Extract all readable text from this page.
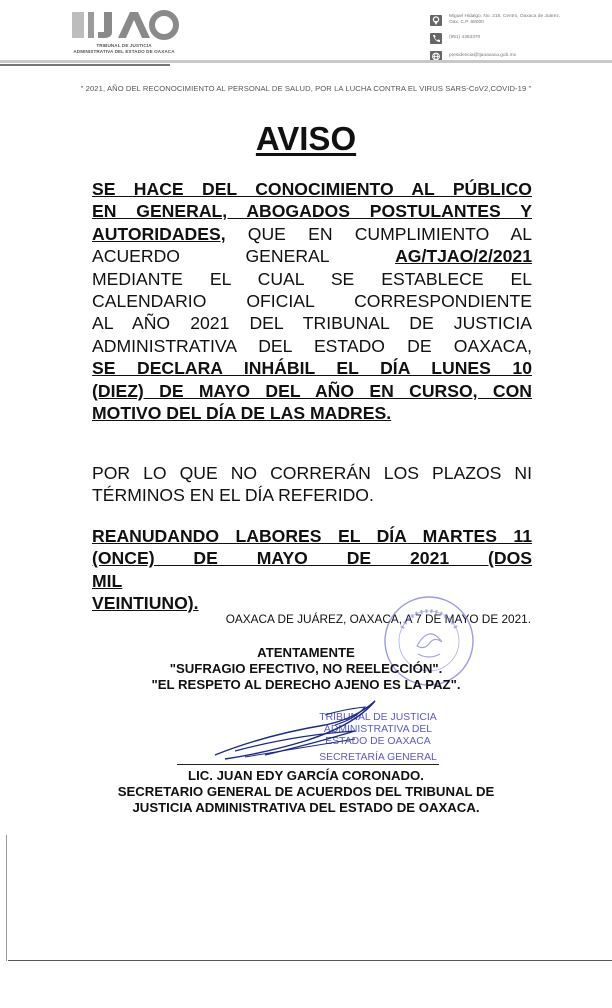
TRIBUNAL DE JUSTICIA
ADMINISTRATIVA DEL ESTADO DE OAXACA
Miguel Hidalgo, No. 215, Centro, Oaxaca de Juárez,
Oax. C.P. 68000
(951) 4363370
presidencia@tjaoaxaca.gob.mx
" 2021, AÑO DEL RECONOCIMIENTO AL PERSONAL DE SALUD, POR LA LUCHA CONTRA EL VIRUS SARS-CoV2,COVID-19 "
AVISO
SE HACE DEL CONOCIMIENTO AL PÚBLICO
EN GENERAL, ABOGADOS POSTULANTES Y
AUTORIDADES, QUE EN CUMPLIMIENTO AL
ACUERDO	GENERAL	AG/TJAO/2/2021
MEDIANTE EL CUAL SE ESTABLECE EL
CALENDARIO OFICIAL CORRESPONDIENTE
AL AÑO 2021 DEL TRIBUNAL DE JUSTICIA
ADMINISTRATIVA DEL ESTADO DE OAXACA,
SE DECLARA INHÁBIL EL DÍA LUNES 10
(DIEZ) DE MAYO DEL AÑO EN CURSO, CON
MOTIVO DEL DÍA DE LAS MADRES.
POR LO QUE NO CORRERÁN LOS PLAZOS NI
TÉRMINOS EN EL DÍA REFERIDO.
REANUDANDO LABORES EL DÍA MARTES 11
(ONCE) DE MAYO DE 2021 (DOS MIL
VEINTIUNO).
OAXACA DE JUÁREZ, OAXACA, A 7 DE MAYO DE 2021.
ATENTAMENTE
"SUFRAGIO EFECTIVO, NO REELECCIÓN".
"EL RESPETO AL DERECHO AJENO ES LA PAZ".
TRIBUNAL DE JUSTICIA
ADMINISTRATIVA DEL
ESTADO DE OAXACA
SECRETARÍA GENERAL
LIC. JUAN EDY GARCÍA CORONADO.
SECRETARIO GENERAL DE ACUERDOS DEL TRIBUNAL DE
JUSTICIA ADMINISTRATIVA DEL ESTADO DE OAXACA.
